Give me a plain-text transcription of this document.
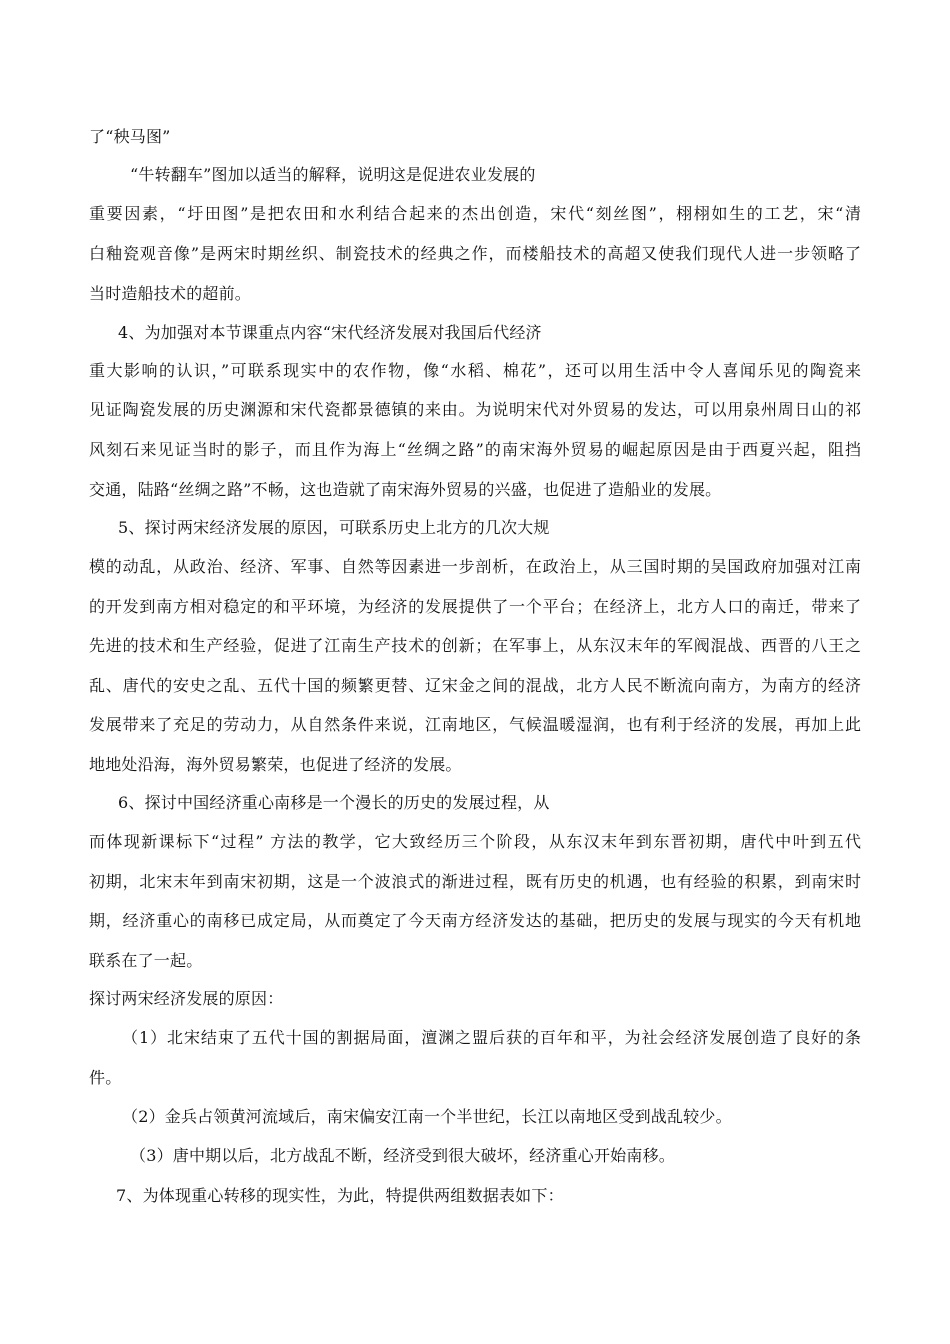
了“秧马图”
“牛转翻车”图加以适当的解释，说明这是促进农业发展的
重要因素，“圩田图”是把农田和水利结合起来的杰出创造，宋代“刻丝图”，栩栩如生的工艺，宋“清
白釉瓷观音像”是两宋时期丝织、制瓷技术的经典之作，而楼船技术的高超又使我们现代人进一步领略了
当时造船技术的超前。
4、为加强对本节课重点内容“宋代经济发展对我国后代经济
重大影响的认识，”可联系现实中的农作物，像“水稻、棉花”，还可以用生活中令人喜闻乐见的陶瓷来
见证陶瓷发展的历史渊源和宋代瓷都景德镇的来由。为说明宋代对外贸易的发达，可以用泉州周日山的祁
风刻石来见证当时的影子，而且作为海上“丝绸之路”的南宋海外贸易的崛起原因是由于西夏兴起，阻挡
交通，陆路“丝绸之路”不畅，这也造就了南宋海外贸易的兴盛，也促进了造船业的发展。
5、探讨两宋经济发展的原因，可联系历史上北方的几次大规
模的动乱，从政治、经济、军事、自然等因素进一步剖析，在政治上，从三国时期的吴国政府加强对江南
的开发到南方相对稳定的和平环境，为经济的发展提供了一个平台；在经济上，北方人口的南迁，带来了
先进的技术和生产经验，促进了江南生产技术的创新；在军事上，从东汉末年的军阀混战、西晋的八王之
乱、唐代的安史之乱、五代十国的频繁更替、辽宋金之间的混战，北方人民不断流向南方，为南方的经济
发展带来了充足的劳动力，从自然条件来说，江南地区，气候温暖湿润，也有利于经济的发展，再加上此
地地处沿海，海外贸易繁荣，也促进了经济的发展。
6、探讨中国经济重心南移是一个漫长的历史的发展过程，从
而体现新课标下“过程” 方法的教学，它大致经历三个阶段，从东汉末年到东晋初期，唐代中叶到五代
初期，北宋末年到南宋初期，这是一个波浪式的渐进过程，既有历史的机遇，也有经验的积累，到南宋时
期，经济重心的南移已成定局，从而奠定了今天南方经济发达的基础，把历史的发展与现实的今天有机地
联系在了一起。
探讨两宋经济发展的原因：
（1）北宋结束了五代十国的割据局面，澶渊之盟后获的百年和平，为社会经济发展创造了良好的条
件。
（2）金兵占领黄河流域后，南宋偏安江南一个半世纪，长江以南地区受到战乱较少。
（3）唐中期以后，北方战乱不断，经济受到很大破坏，经济重心开始南移。
7、为体现重心转移的现实性，为此，特提供两组数据表如下：
